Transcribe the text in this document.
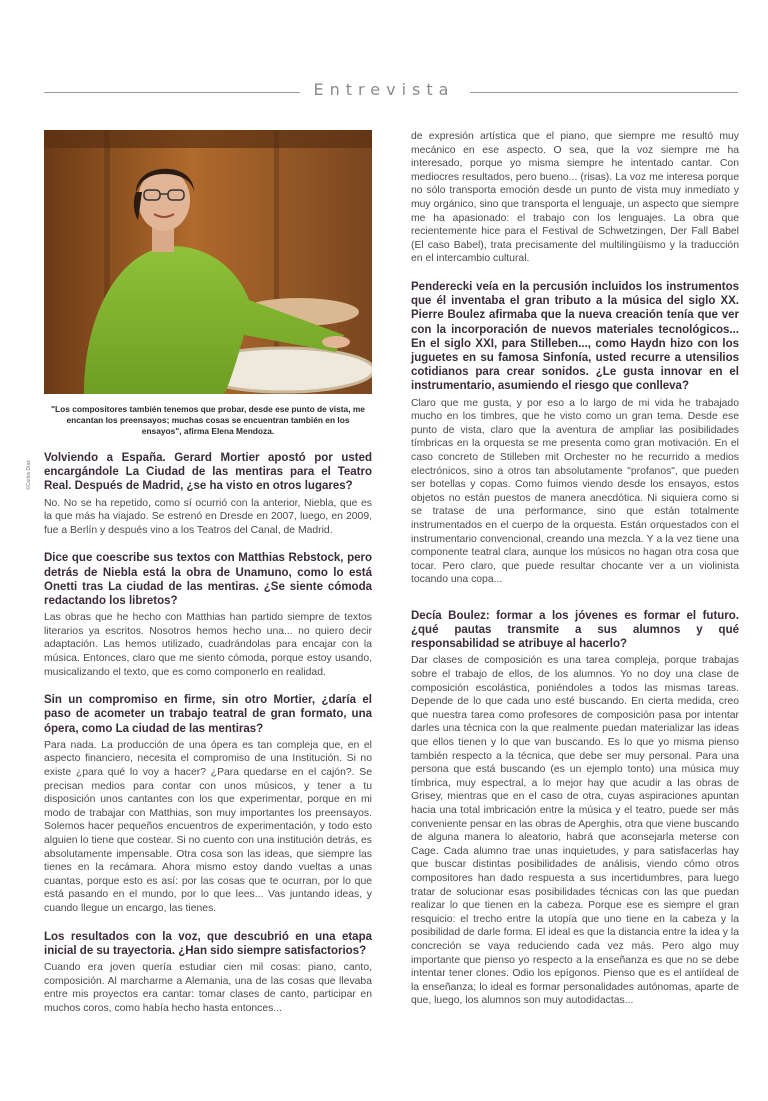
Entrevista
©Carlos Díaz

"Los compositores también tenemos que probar, desde ese punto de vista, me encantan los preensayos; muchas cosas se encuentran también en los ensayos", afirma Elena Mendoza.

Volviendo a España. Gerard Mortier apostó por usted encargándole La Ciudad de las mentiras para el Teatro Real. Después de Madrid, ¿se ha visto en otros lugares?

No. No se ha repetido, como sí ocurrió con la anterior, Niebla, que es la que más ha viajado. Se estrenó en Dresde en 2007, luego, en 2009, fue a Berlín y después vino a los Teatros del Canal, de Madrid.

Dice que coescribe sus textos con Matthias Rebstock, pero detrás de Niebla está la obra de Unamuno, como lo está Onetti tras La ciudad de las mentiras. ¿Se siente cómoda redactando los libretos?

Las obras que he hecho con Matthias han partido siempre de textos literarios ya escritos. Nosotros hemos hecho una... no quiero decir adaptación. Las hemos utilizado, cuadrándolas para encajar con la música. Entonces, claro que me siento cómoda, porque estoy usando, musicalizando el texto, que es como componerlo en realidad.

Sin un compromiso en firme, sin otro Mortier, ¿daría el paso de acometer un trabajo teatral de gran formato, una ópera, como La ciudad de las mentiras?

Para nada. La producción de una ópera es tan compleja que, en el aspecto financiero, necesita el compromiso de una Institución. Si no existe ¿para qué lo voy a hacer? ¿Para quedarse en el cajón?. Se precisan medios para contar con unos músicos, y tener a tu disposición unos cantantes con los que experimentar, porque en mi modo de trabajar con Matthias, son muy importantes los preensayos. Solemos hacer pequeños encuentros de experimentación, y todo esto alguien lo tiene que costear. Si no cuento con una institución detrás, es absolutamente impensable. Otra cosa son las ideas, que siempre las tienes en la recámara. Ahora mismo estoy dando vueltas a unas cuantas, porque esto es así: por las cosas que te ocurran, por lo que está pasando en el mundo, por lo que lees... Vas juntando ideas, y cuando llegue un encargo, las tienes.

Los resultados con la voz, que descubrió en una etapa inicial de su trayectoria. ¿Han sido siempre satisfactorios?

Cuando era joven quería estudiar cien mil cosas: piano, canto, composición. Al marcharme a Alemania, una de las cosas que llevaba entre mis proyectos era cantar: tomar clases de canto, participar en muchos coros, como había hecho hasta entonces...

de expresión artística que el piano, que siempre me resultó muy mecánico en ese aspecto. O sea, que la voz siempre me ha interesado, porque yo misma siempre he intentado cantar. Con mediocres resultados, pero bueno... (risas). La voz me interesa porque no sólo transporta emoción desde un punto de vista muy inmediato y muy orgánico, sino que transporta el lenguaje, un aspecto que siempre me ha apasionado: el trabajo con los lenguajes. La obra que recientemente hice para el Festival de Schwetzingen, Der Fall Babel (El caso Babel), trata precisamente del multilingüismo y la traducción en el intercambio cultural.

Penderecki veía en la percusión incluidos los instrumentos que él inventaba el gran tributo a la música del siglo XX. Pierre Boulez afirmaba que la nueva creación tenía que ver con la incorporación de nuevos materiales tecnológicos... En el siglo XXI, para Stilleben..., como Haydn hizo con los juguetes en su famosa Sinfonía, usted recurre a utensilios cotidianos para crear sonidos. ¿Le gusta innovar en el instrumentario, asumiendo el riesgo que conlleva?

Claro que me gusta, y por eso a lo largo de mi vida he trabajado mucho en los timbres, que he visto como un gran tema. Desde ese punto de vista, claro que la aventura de ampliar las posibilidades tímbricas en la orquesta se me presenta como gran motivación. En el caso concreto de Stilleben mit Orchester no he recurrido a medios electrónicos, sino a otros tan absolutamente "profanos", que pueden ser botellas y copas. Como fuimos viendo desde los ensayos, estos objetos no están puestos de manera anecdótica. Ni siquiera como si se tratase de una performance, sino que están totalmente instrumentados en el cuerpo de la orquesta. Están orquestados con el instrumentario convencional, creando una mezcla. Y a la vez tiene una componente teatral clara, aunque los músicos no hagan otra cosa que tocar. Pero claro, que puede resultar chocante ver a un violinista tocando una copa...

Decía Boulez: formar a los jóvenes es formar el futuro. ¿qué pautas transmite a sus alumnos y qué responsabilidad se atribuye al hacerlo?

Dar clases de composición es una tarea compleja, porque trabajas sobre el trabajo de ellos, de los alumnos. Yo no doy una clase de composición escolástica, poniéndoles a todos las mismas tareas. Depende de lo que cada uno esté buscando. En cierta medida, creo que nuestra tarea como profesores de composición pasa por intentar darles una técnica con la que realmente puedan materializar las ideas que ellos tienen y lo que van buscando. Es lo que yo misma pienso también respecto a la técnica, que debe ser muy personal. Para una persona que está buscando (es un ejemplo tonto) una música muy tímbrica, muy espectral, a lo mejor hay que acudir a las obras de Grisey, mientras que en el caso de otra, cuyas aspiraciones apuntan hacia una total imbricación entre la música y el teatro, puede ser más conveniente pensar en las obras de Aperghis, otra que viene buscando de alguna manera lo aleatorio, habrá que aconsejarla meterse con Cage. Cada alumno trae unas inquietudes, y para satisfacerlas hay que buscar distintas posibilidades de análisis, viendo cómo otros compositores han dado respuesta a sus incertidumbres, para luego tratar de solucionar esas posibilidades técnicas con las que puedan realizar lo que tienen en la cabeza. Porque ese es siempre el gran resquicio: el trecho entre la utopía que uno tiene en la cabeza y la posibilidad de darle forma. El ideal es que la distancia entre la idea y la concreción se vaya reduciendo cada vez más. Pero algo muy importante que pienso yo respecto a la enseñanza es que no se debe intentar tener clones. Odio los epígonos. Pienso que es el antiídeal de la enseñanza; lo ideal es formar personalidades autónomas, aparte de que, luego, los alumnos son muy autodidactas...
